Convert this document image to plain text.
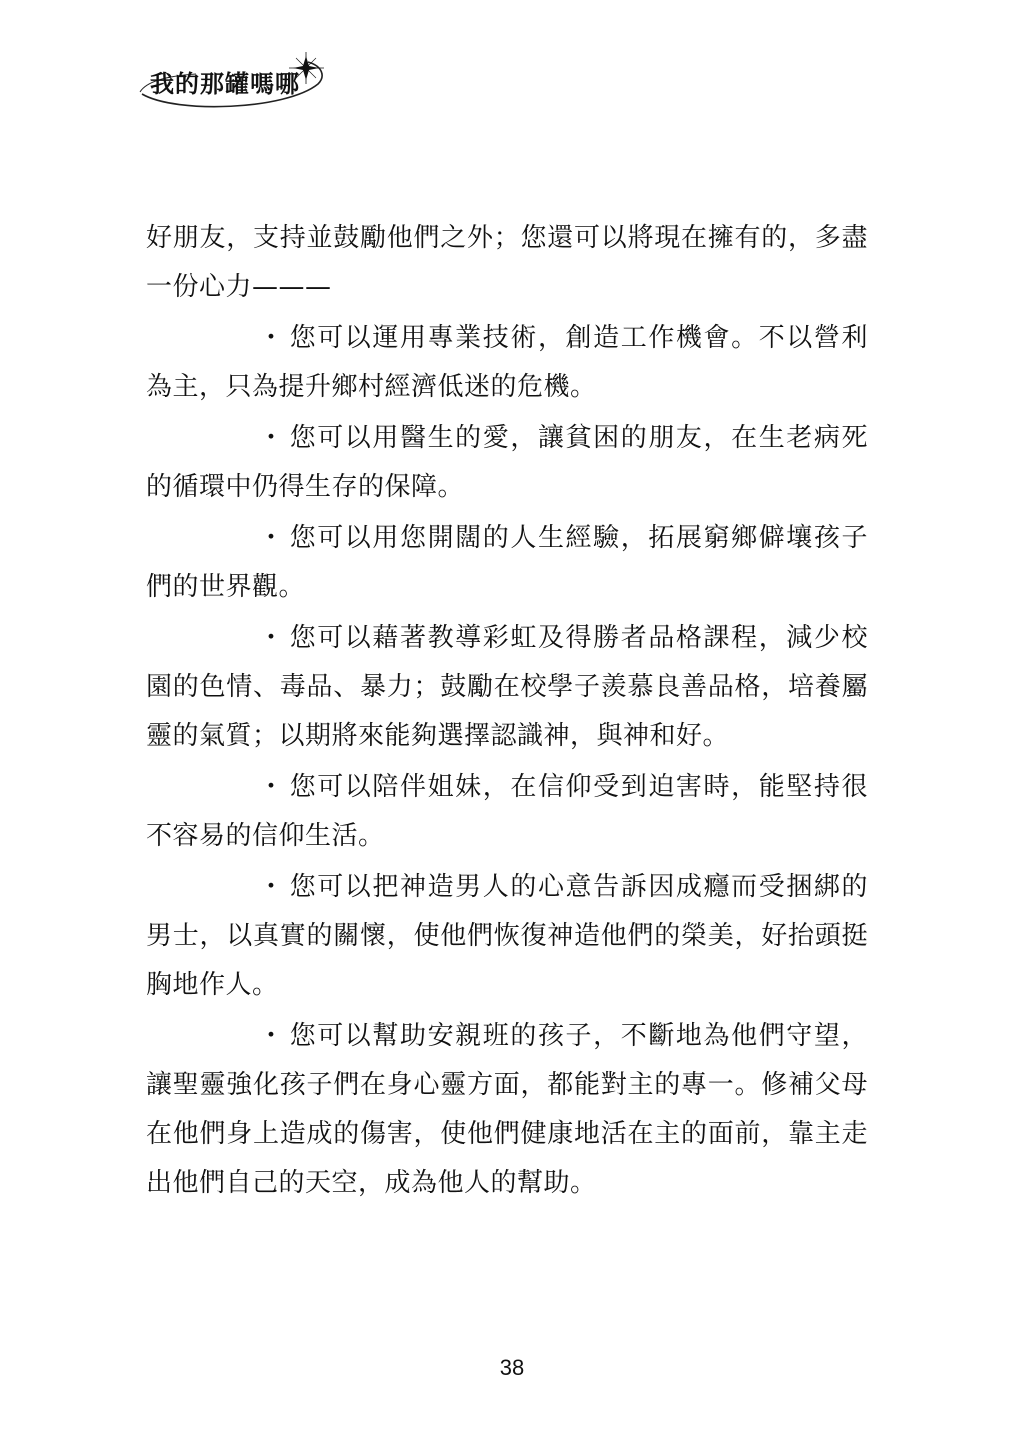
我的那罐嗎哪

好朋友，支持並鼓勵他們之外；您還可以將現在擁有的，多盡一份心力———

・ 您可以運用專業技術，創造工作機會。不以營利為主，只為提升鄉村經濟低迷的危機。

・ 您可以用醫生的愛，讓貧困的朋友，在生老病死的循環中仍得生存的保障。

・ 您可以用您開闊的人生經驗，拓展窮鄉僻壤孩子們的世界觀。

・ 您可以藉著教導彩虹及得勝者品格課程，減少校園的色情、毒品、暴力；鼓勵在校學子羨慕良善品格，培養屬靈的氣質；以期將來能夠選擇認識神，與神和好。

・ 您可以陪伴姐妹，在信仰受到迫害時，能堅持很不容易的信仰生活。

・ 您可以把神造男人的心意告訴因成癮而受捆綁的男士，以真實的關懷，使他們恢復神造他們的榮美，好抬頭挺胸地作人。

・ 您可以幫助安親班的孩子，不斷地為他們守望，讓聖靈強化孩子們在身心靈方面，都能對主的專一。修補父母在他們身上造成的傷害，使他們健康地活在主的面前，靠主走出他們自己的天空，成為他人的幫助。

38
